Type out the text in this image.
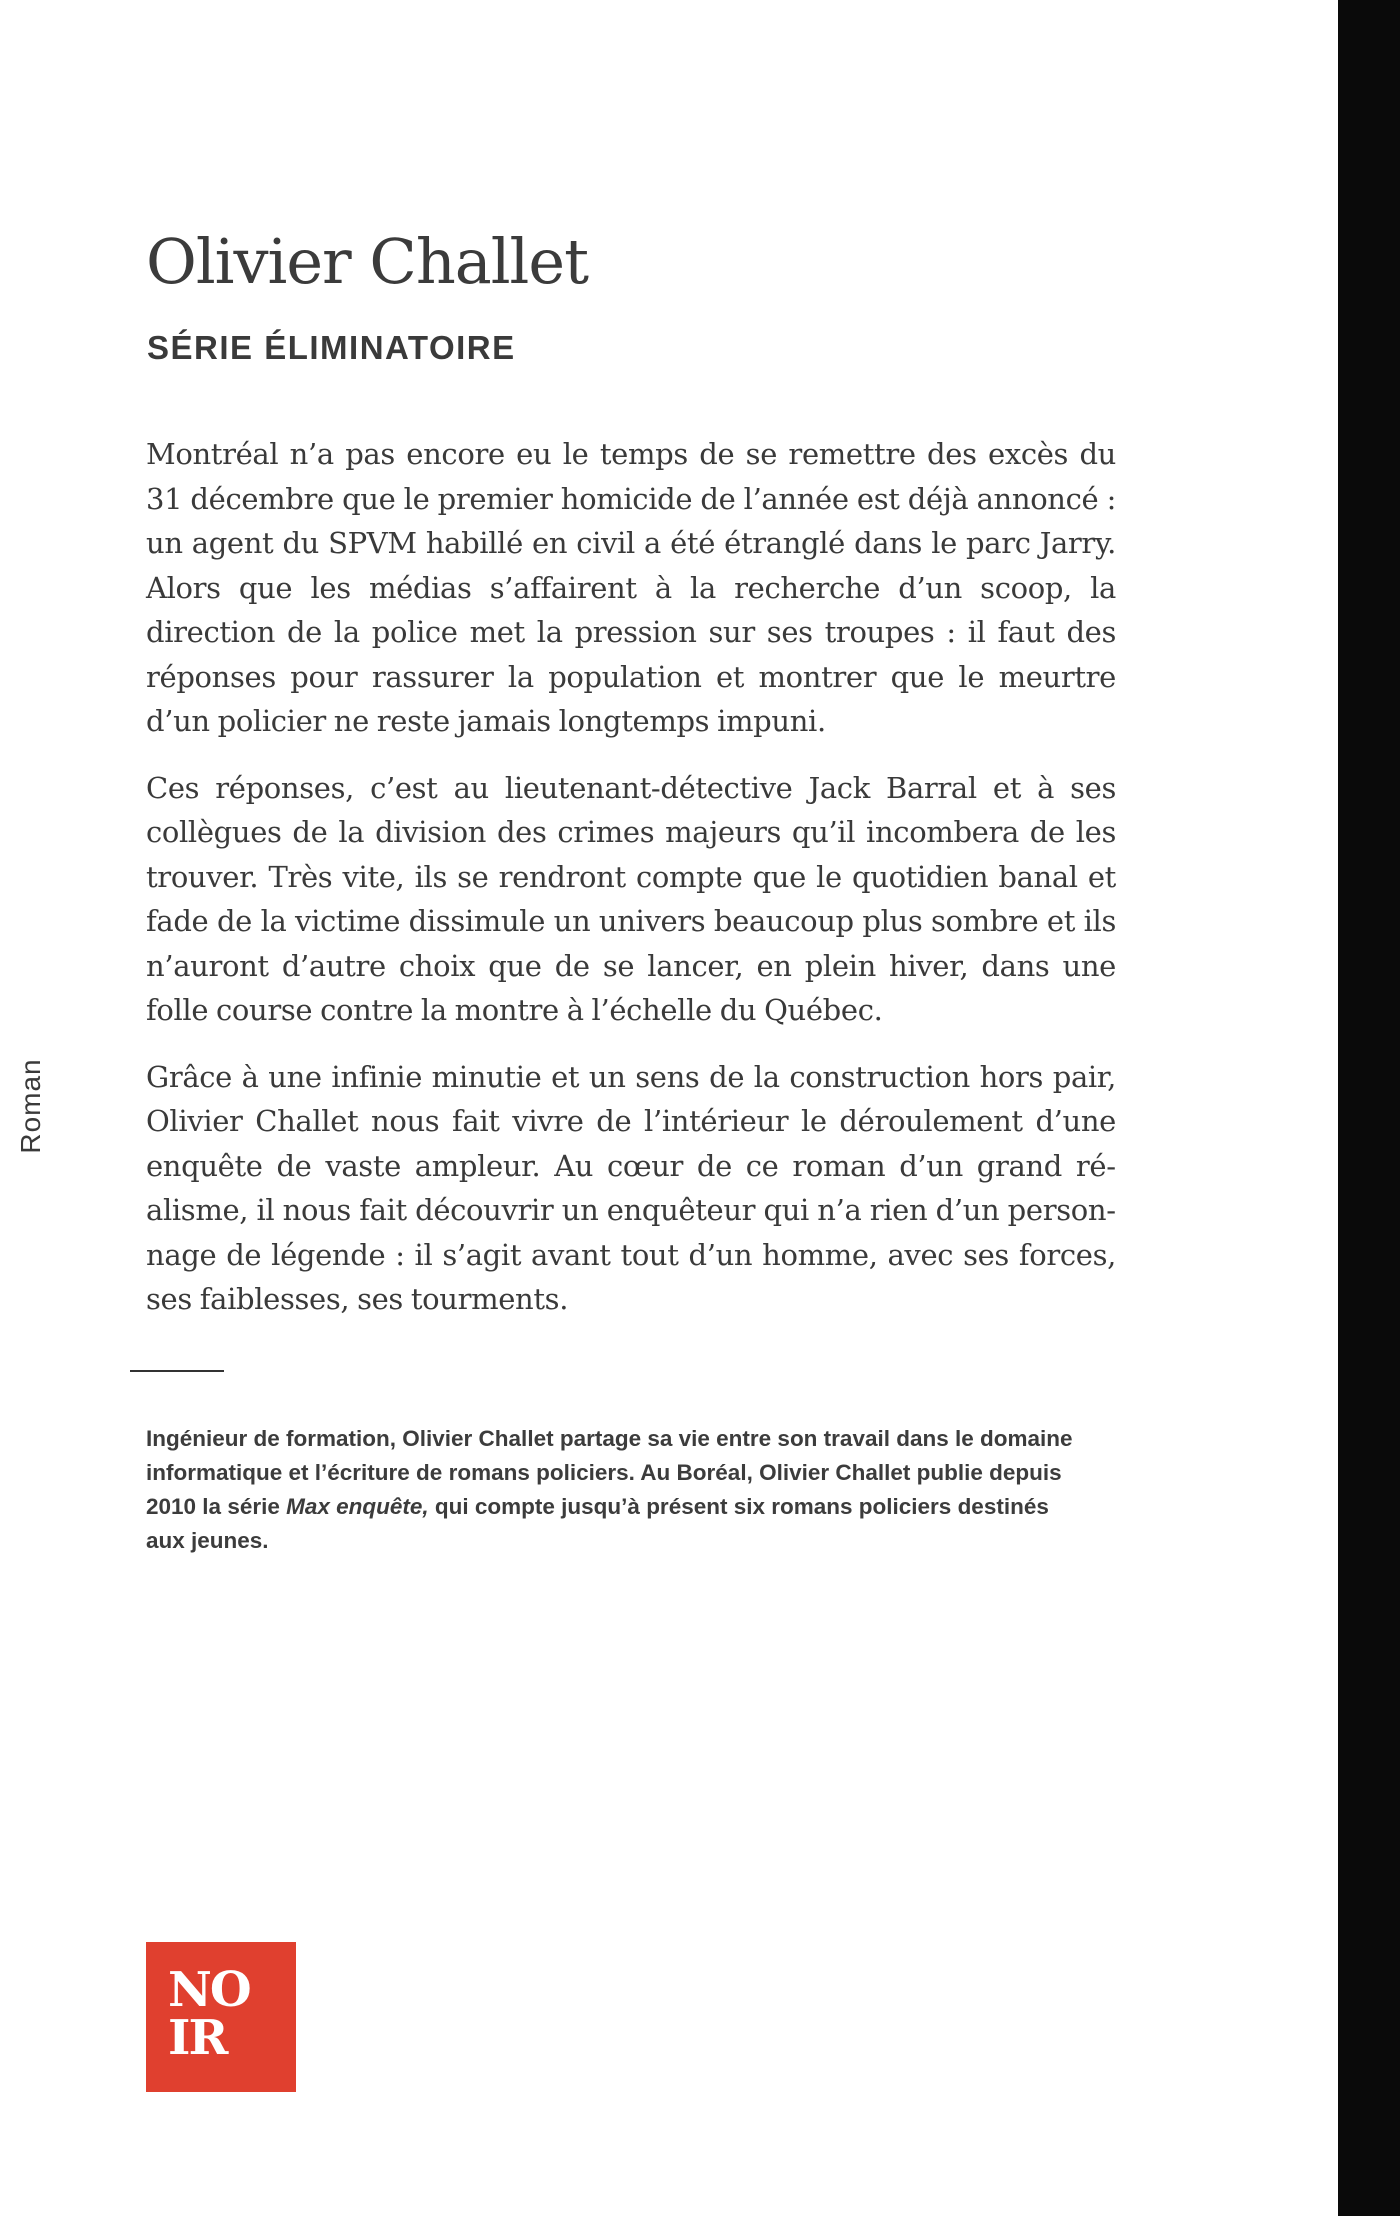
Olivier Challet
SÉRIE ÉLIMINATOIRE

Montréal n’a pas encore eu le temps de se remettre des excès du 31 décembre que le premier homicide de l’année est déjà annoncé : un agent du SPVM habillé en civil a été étranglé dans le parc Jarry. Alors que les médias s’affairent à la recherche d’un scoop, la direction de la police met la pression sur ses troupes : il faut des réponses pour rassurer la population et montrer que le meurtre d’un policier ne reste jamais longtemps impuni.

Ces réponses, c’est au lieutenant-détective Jack Barral et à ses collègues de la division des crimes majeurs qu’il incombera de les trouver. Très vite, ils se rendront compte que le quotidien banal et fade de la victime dissimule un univers beaucoup plus sombre et ils n’auront d’autre choix que de se lancer, en plein hiver, dans une folle course contre la montre à l’échelle du Québec.

Grâce à une infinie minutie et un sens de la construction hors pair, Olivier Challet nous fait vivre de l’intérieur le déroulement d’une enquête de vaste ampleur. Au cœur de ce roman d’un grand réalisme, il nous fait découvrir un enquêteur qui n’a rien d’un personnage de légende : il s’agit avant tout d’un homme, avec ses forces, ses faiblesses, ses tourments.

Ingénieur de formation, Olivier Challet partage sa vie entre son travail dans le domaine informatique et l’écriture de romans policiers. Au Boréal, Olivier Challet publie depuis 2010 la série Max enquête, qui compte jusqu’à présent six romans policiers destinés aux jeunes.

Roman
NO
IR
